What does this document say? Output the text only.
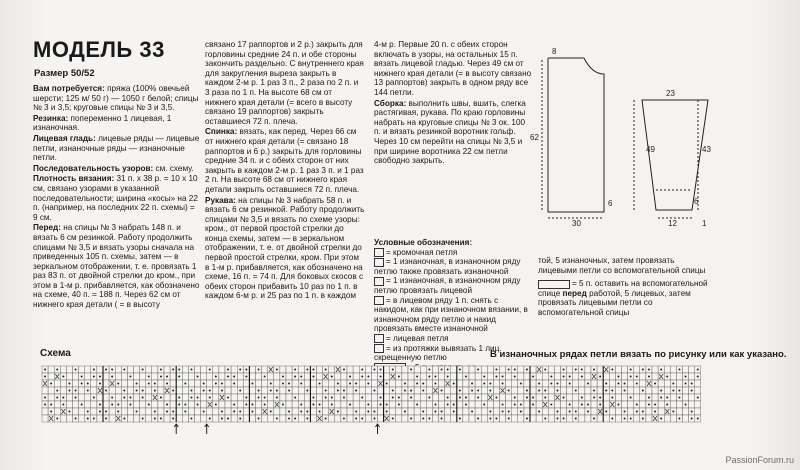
МОДЕЛЬ 33
Размер 50/52

Вам потребуется: пряжа (100% овечьей шерсти; 125 м/ 50 г) — 1050 г белой; спицы № 3 и 3,5; круговые спицы № 3 и 3,5.

Резинка: попеременно 1 лицевая, 1 изнаночная.

Лицевая гладь: лицевые ряды — лицевые петли, изнаночные ряды — изнаночные петли.

Последовательность узоров: см. схему.

Плотность вязания: 31 п. х 38 р. = 10 х 10 см, связано узорами в указанной последовательности; ширина «косы» на 22 п. (например, на последних 22 п. схемы) = 9 см.

Перед: на спицы № 3 набрать 148 п. и вязать 6 см резинкой. Работу продолжить спицами № 3,5 и вязать узоры сначала на приведенных 105 п. схемы, затем — в зеркальном отображении, т. е. провязать 1 раз 83 п. от двойной стрелки до кром., при этом в 1-м р. прибавляется, как обозначено на схеме, 40 п. = 188 п. Через 62 см от нижнего края детали ( = в высоту

связано 17 раппортов и 2 р.) закрыть для горловины средние 24 п. и обе стороны закончить раздельно. С внутреннего края для закругления выреза закрыть в каждом 2-м р. 1 раз 3 п., 2 раза по 2 п. и 3 раза по 1 п. На высоте 68 см от нижнего края детали (= всего в высоту связано 19 раппортов) закрыть оставшиеся 72 п. плеча.

Спинка: вязать, как перед. Через 66 см от нижнего края детали (= связано 18 раппортов и 6 р.) закрыть для горловины средние 34 п. и с обеих сторон от них закрыть в каждом 2-м р. 1 раз 3 п. и 1 раз 2 п. На высоте 68 см от нижнего края детали закрыть оставшиеся 72 п. плеча.

Рукава: на спицы № 3 набрать 58 п. и вязать 6 см резинкой. Работу продолжить спицами № 3,5 и вязать по схеме узоры: кром., от первой простой стрелки до конца схемы, затем — в зеркальном отображении, т. е. от двойной стрелки до первой простой стрелки, кром. При этом в 1-м р. прибавляется, как обозначено на схеме, 16 п. = 74 п. Для боковых скосов с обеих сторон прибавить 10 раз по 1 п. в каждом 6-м р. и 25 раз по 1 п. в каждом

4-м р. Первые 20 п. с обеих сторон включать в узоры, на остальных 15 п. вязать лицевой гладью. Через 49 см от нижнего края детали (= в высоту связано 13 раппортов) закрыть в одном ряду все 144 петли.

Сборка: выполнить швы, вшить, слегка растягивая, рукава. По краю горловины набрать на круговые спицы № 3 ок. 100 п. и вязать резинкой воротник гольф. Через 10 см перейти на спицы № 3,5 и при ширине воротника 22 см петли свободно закрыть.

Условные обозначения:

= кромочная петля

= 1 изнаночная, в изнаночном ряду петлю также провязать изнаночной

= 1 изнаночная, в изнаночном ряду петлю провязать лицевой

= в лицевом ряду 1 п. снять с накидом, как при изнаночном вязании, в изнаночном ряду петлю и накид провязать вместе изнаночной

= лицевая петля

= из протяжки вывязать 1 лиц. скрещенную петлю

той, 5 изнаночных, затем провязать лицевыми петли со вспомогательной спицы

= 5 п. оставить на вспомогательной спице перед работой, 5 лицевых, затем провязать лицевыми петли со вспомогательной спицы

8
62
30
6
49	43
6
12
23
1
Схема	В изнаночных рядах петли вязать по рисунку или как указано.
PassionForum.ru
